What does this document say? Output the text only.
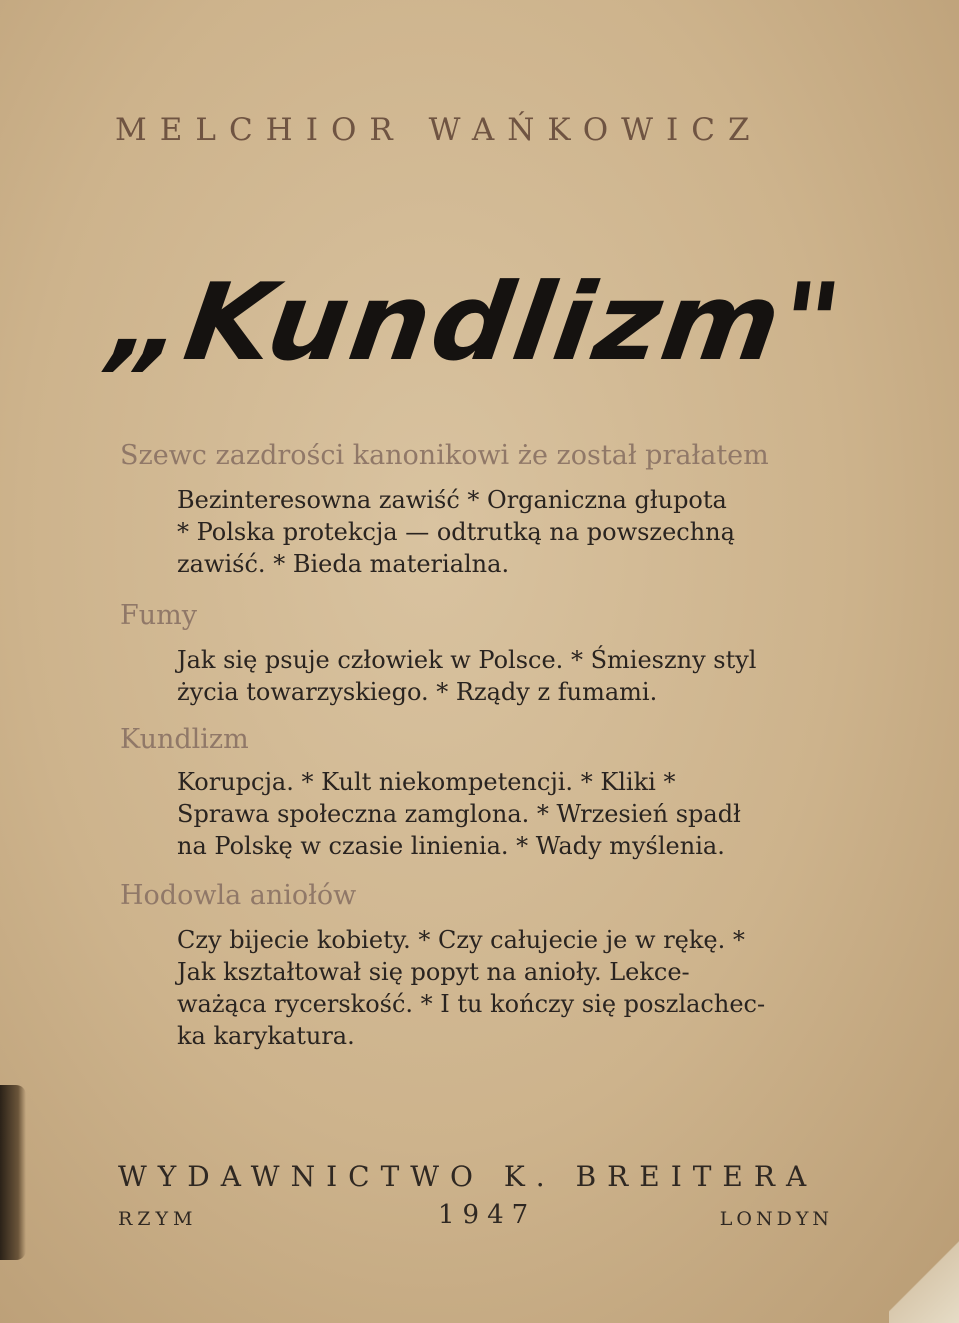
MELCHIOR WAŃKOWICZ
„Kundlizm"
Szewc zazdrości kanonikowi że został prałatem
Bezinteresowna zawiść * Organiczna głupota
* Polska protekcja — odtrutką na powszechną
zawiść. * Bieda materialna.
Fumy
Jak się psuje człowiek w Polsce. * Śmieszny styl
życia towarzyskiego. * Rządy z fumami.
Kundlizm
Korupcja. * Kult niekompetencji. * Kliki *
Sprawa społeczna zamglona. * Wrzesień spadł
na Polskę w czasie linienia. * Wady myślenia.
Hodowla aniołów
Czy bijecie kobiety. * Czy całujecie je w rękę. *
Jak kształtował się popyt na anioły. Lekce-
ważąca rycerskość. * I tu kończy się poszlachec-
ka karykatura.
WYDAWNICTWO K. BREITERA
RZYM	1947	LONDYN
